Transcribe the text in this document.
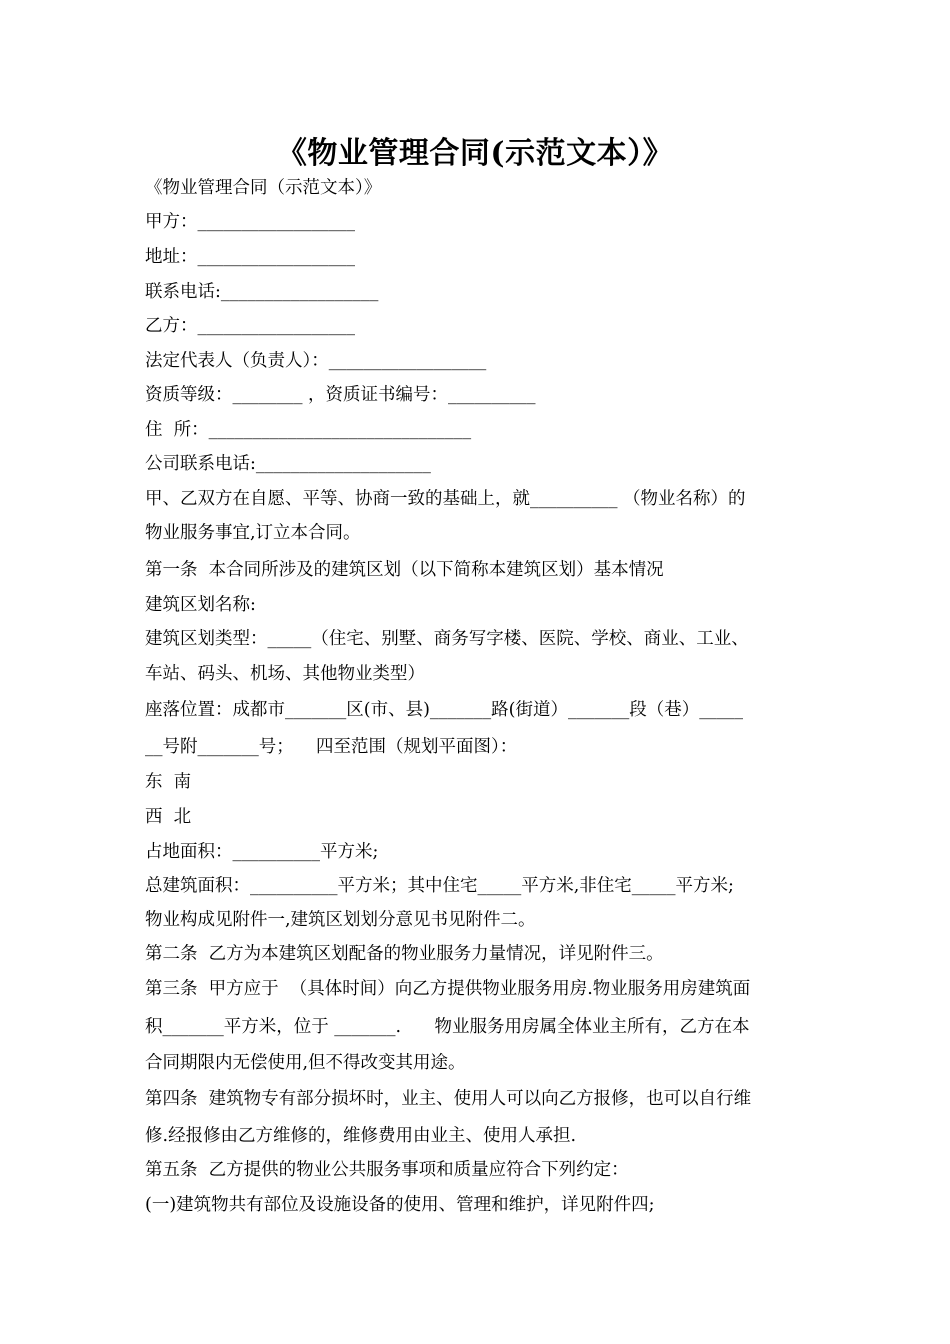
《物业管理合同(示范文本）》
《物业管理合同（示范文本）》
甲方：__________________
地址：__________________
联系电话:__________________
乙方：__________________
法定代表人（负责人）：__________________
资质等级：________ ，资质证书编号：__________
住  所：______________________________
公司联系电话:____________________
甲、乙双方在自愿、平等、协商一致的基础上，就__________ （物业名称）的
物业服务事宜,订立本合同。
第一条  本合同所涉及的建筑区划（以下简称本建筑区划）基本情况
建筑区划名称:
建筑区划类型：_____（住宅、别墅、商务写字楼、医院、学校、商业、工业、
车站、码头、机场、其他物业类型）
座落位置：成都市_______区(市、县)_______路(街道）_______段（巷）_____
__号附_______号；    四至范围（规划平面图）：
东  南
西  北
占地面积：__________平方米;
总建筑面积：__________平方米；其中住宅_____平方米,非住宅_____平方米;
物业构成见附件一,建筑区划划分意见书见附件二。
第二条  乙方为本建筑区划配备的物业服务力量情况，详见附件三。
第三条  甲方应于  （具体时间）向乙方提供物业服务用房.物业服务用房建筑面
积_______平方米，位于 _______.      物业服务用房属全体业主所有，乙方在本
合同期限内无偿使用,但不得改变其用途。
第四条  建筑物专有部分损坏时，业主、使用人可以向乙方报修，也可以自行维
修.经报修由乙方维修的，维修费用由业主、使用人承担.
第五条  乙方提供的物业公共服务事项和质量应符合下列约定：
(一)建筑物共有部位及设施设备的使用、管理和维护，详见附件四;
